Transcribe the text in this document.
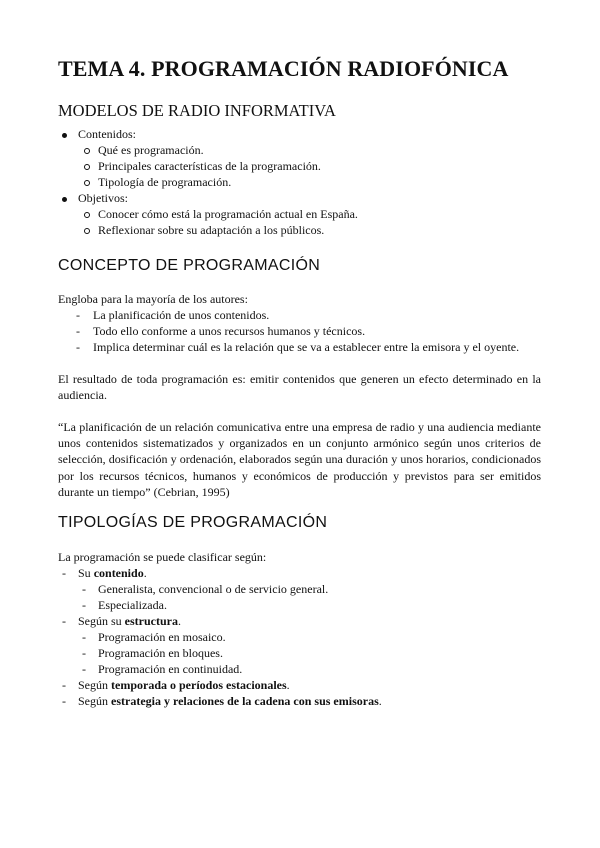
TEMA 4. PROGRAMACIÓN RADIOFÓNICA
MODELOS DE RADIO INFORMATIVA
Contenidos:
Qué es programación.
Principales características de la programación.
Tipología de programación.
Objetivos:
Conocer cómo está la programación actual en España.
Reflexionar sobre su adaptación a los públicos.
CONCEPTO DE PROGRAMACIÓN
Engloba para la mayoría de los autores:
- La planificación de unos contenidos.
- Todo ello conforme a unos recursos humanos y técnicos.
- Implica determinar cuál es la relación que se va a establecer entre la emisora y el oyente.
El resultado de toda programación es: emitir contenidos que generen un efecto determinado en la audiencia.
“La planificación de un relación comunicativa entre una empresa de radio y una audiencia mediante unos contenidos sistematizados y organizados en un conjunto armónico según unos criterios de selección, dosificación y ordenación, elaborados según una duración y unos horarios, condicionados por los recursos técnicos, humanos y económicos de producción y previstos para ser emitidos durante un tiempo” (Cebrian, 1995)
TIPOLOGÍAS DE PROGRAMACIÓN
La programación se puede clasificar según:
- Su contenido.
- Generalista, convencional o de servicio general.
- Especializada.
- Según su estructura.
- Programación en mosaico.
- Programación en bloques.
- Programación en continuidad.
- Según temporada o períodos estacionales.
- Según estrategia y relaciones de la cadena con sus emisoras.
